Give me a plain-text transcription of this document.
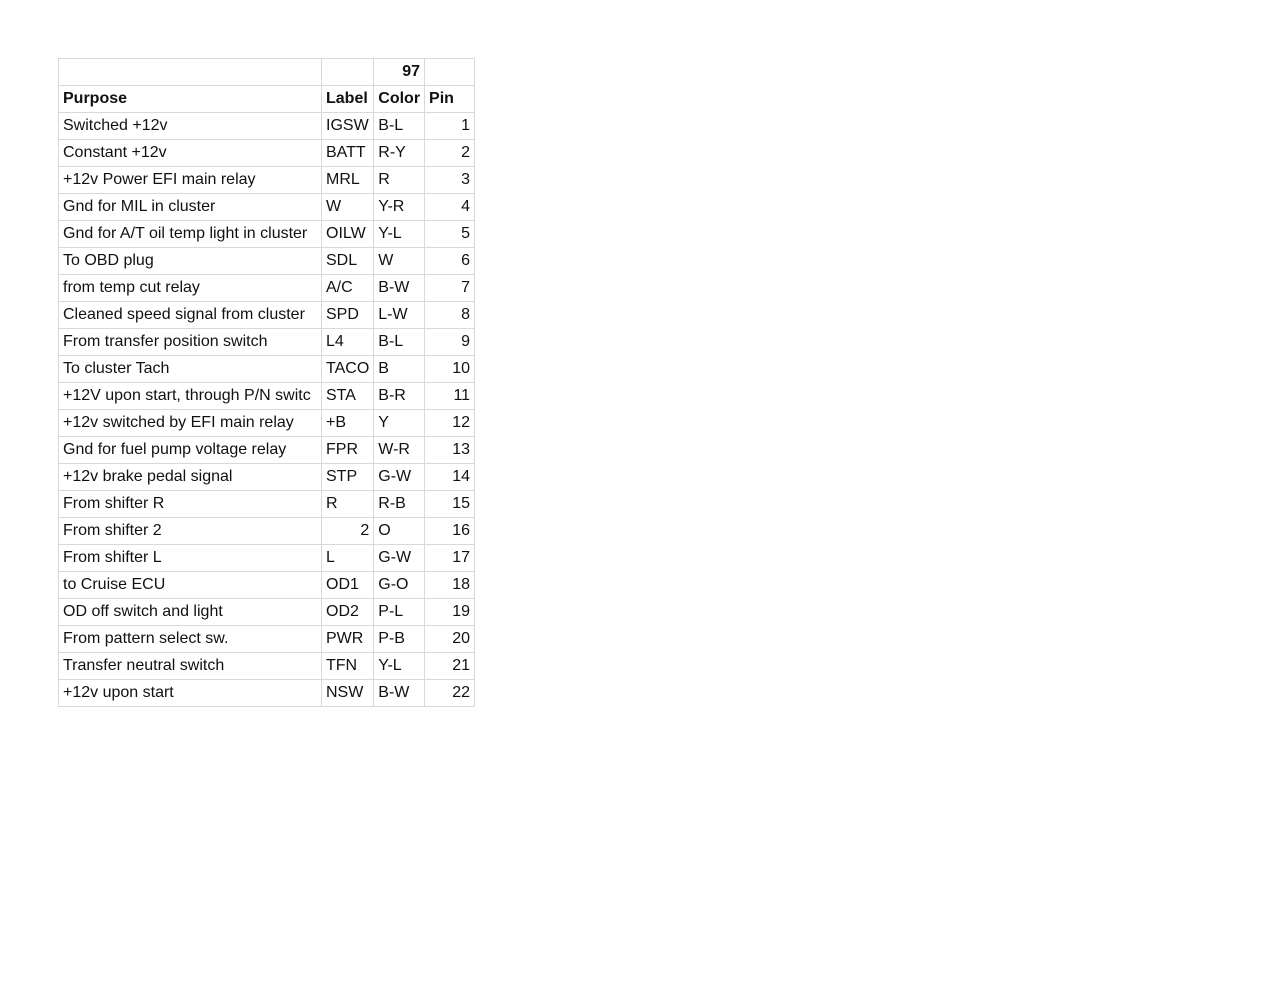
		97	
Purpose	Label	Color	Pin
Switched +12v	IGSW	B-L	1
Constant +12v	BATT	R-Y	2
+12v Power EFI main relay	MRL	R	3
Gnd for MIL in cluster	W	Y-R	4
Gnd for A/T oil temp light in cluster	OILW	Y-L	5
To OBD plug	SDL	W	6
from temp cut relay	A/C	B-W	7
Cleaned speed signal from cluster	SPD	L-W	8
From transfer position switch	L4	B-L	9
To cluster Tach	TACO	B	10
+12V upon start, through P/N switc	STA	B-R	11
+12v switched by EFI main relay	+B	Y	12
Gnd for fuel pump voltage relay	FPR	W-R	13
+12v brake pedal signal	STP	G-W	14
From shifter R	R	R-B	15
From shifter 2	2	O	16
From shifter L	L	G-W	17
to Cruise ECU	OD1	G-O	18
OD off switch and light	OD2	P-L	19
From pattern select sw.	PWR	P-B	20
Transfer neutral switch	TFN	Y-L	21
+12v upon start	NSW	B-W	22
